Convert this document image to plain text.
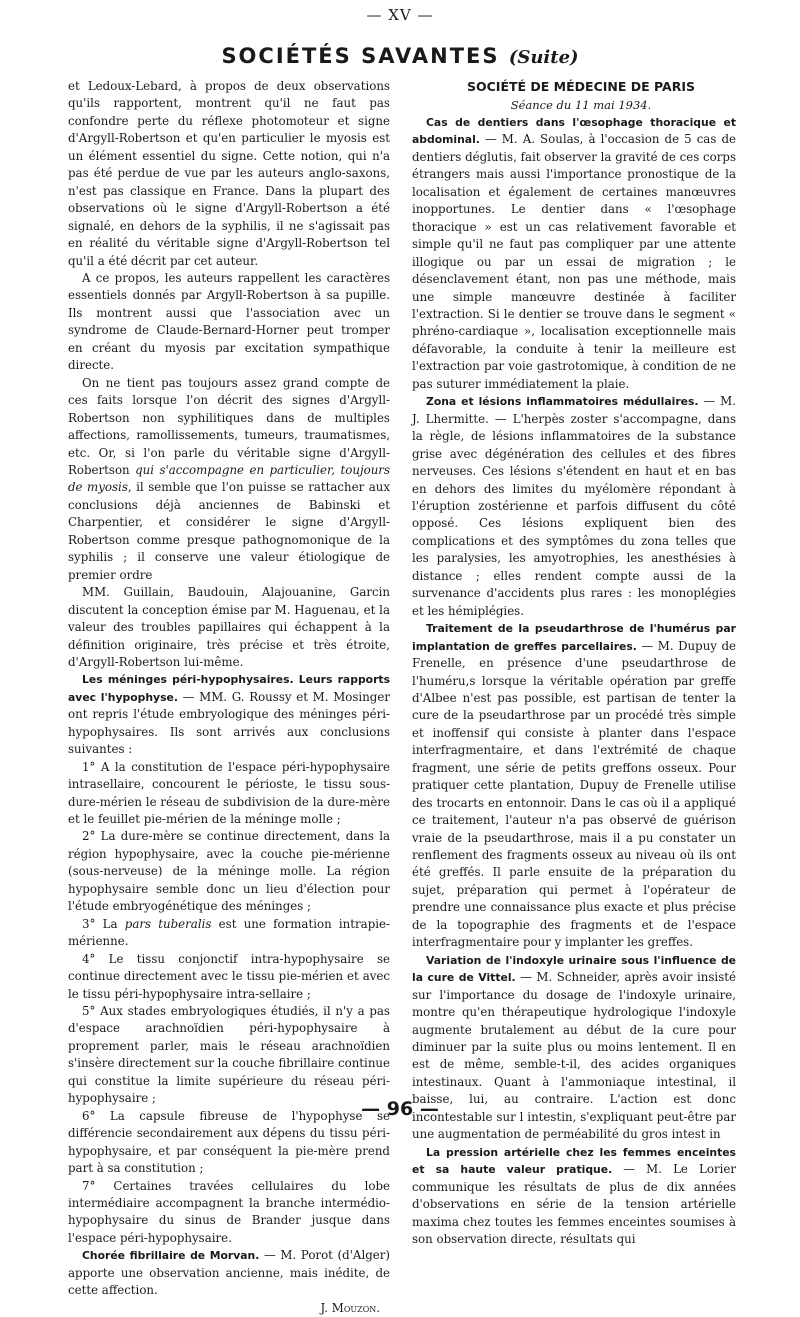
— XV —
SOCIÉTÉS SAVANTES (Suite)

et Ledoux-Lebard, à propos de deux observations qu'ils rapportent, montrent qu'il ne faut pas confondre perte du réflexe photomoteur et signe d'Argyll-Robertson et qu'en particulier le myosis est un élément essentiel du signe. Cette notion, qui n'a pas été perdue de vue par les auteurs anglo-saxons, n'est pas classique en France. Dans la plupart des observations où le signe d'Argyll-Robertson a été signalé, en dehors de la syphilis, il ne s'agissait pas en réalité du véritable signe d'Argyll-Robertson tel qu'il a été décrit par cet auteur.

A ce propos, les auteurs rappellent les caractères essentiels donnés par Argyll-Robertson à sa pupille. Ils montrent aussi que l'association avec un syndrome de Claude-Bernard-Horner peut tromper en créant du myosis par excitation sympathique directe.

On ne tient pas toujours assez grand compte de ces faits lorsque l'on décrit des signes d'Argyll-Robertson non syphilitiques dans de multiples affections, ramollissements, tumeurs, traumatismes, etc. Or, si l'on parle du véritable signe d'Argyll-Robertson qui s'accompagne en particulier, toujours de myosis, il semble que l'on puisse se rattacher aux conclusions déjà anciennes de Babinski et Charpentier, et considérer le signe d'Argyll-Robertson comme presque pathognomonique de la syphilis ; il conserve une valeur étiologique de premier ordre

MM. Guillain, Baudouin, Alajouanine, Garcin discutent la conception émise par M. Haguenau, et la valeur des troubles papillaires qui échappent à la définition originaire, très précise et très étroite, d'Argyll-Robertson lui-même.

Les méninges péri-hypophysaires. Leurs rapports avec l'hypophyse. — MM. G. Roussy et M. Mosinger ont repris l'étude embryologique des méninges péri-hypophysaires. Ils sont arrivés aux conclusions suivantes :

1° A la constitution de l'espace péri-hypophysaire intrasellaire, concourent le périoste, le tissu sous-dure-mérien le réseau de subdivision de la dure-mère et le feuillet pie-mérien de la méninge molle ;

2° La dure-mère se continue directement, dans la région hypophysaire, avec la couche pie-mérienne (sous-nerveuse) de la méninge molle. La région hypophysaire semble donc un lieu d'élection pour l'étude embryogénétique des méninges ;

3° La pars tuberalis est une formation intrapie-mérienne.

4° Le tissu conjonctif intra-hypophysaire se continue directement avec le tissu pie-mérien et avec le tissu péri-hypophysaire intra-sellaire ;

5° Aux stades embryologiques étudiés, il n'y a pas d'espace arachnoïdien péri-hypophysaire à proprement parler, mais le réseau arachnoïdien s'insère directement sur la couche fibrillaire continue qui constitue la limite supérieure du réseau péri-hypophysaire ;

6° La capsule fibreuse de l'hypophyse se différencie secondairement aux dépens du tissu péri-hypophysaire, et par conséquent la pie-mère prend part à sa constitution ;

7° Certaines travées cellulaires du lobe intermédiaire accompagnent la branche intermédio-hypophysaire du sinus de Brander jusque dans l'espace péri-hypophysaire.

Chorée fibrillaire de Morvan. — M. Porot (d'Alger) apporte une observation ancienne, mais inédite, de cette affection.

J. Mouzon.

SOCIÉTÉ DE MÉDECINE DE PARIS

Séance du 11 mai 1934.

Cas de dentiers dans l'œsophage thoracique et abdominal. — M. A. Soulas, à l'occasion de 5 cas de dentiers déglutis, fait observer la gravité de ces corps étrangers mais aussi l'importance pronostique de la localisation et également de certaines manœuvres inopportunes. Le dentier dans « l'œsophage thoracique » est un cas relativement favorable et simple qu'il ne faut pas compliquer par une attente illogique ou par un essai de migration ; le désenclavement étant, non pas une méthode, mais une simple manœuvre destinée à faciliter l'extraction. Si le dentier se trouve dans le segment « phréno-cardiaque », localisation exceptionnelle mais défavorable, la conduite à tenir la meilleure est l'extraction par voie gastrotomique, à condition de ne pas suturer immédiatement la plaie.

Zona et lésions inflammatoires médullaires. — M. J. Lhermitte. — L'herpès zoster s'accompagne, dans la règle, de lésions inflammatoires de la substance grise avec dégénération des cellules et des fibres nerveuses. Ces lésions s'étendent en haut et en bas en dehors des limites du myélomère répondant à l'éruption zostérienne et parfois diffusent du côté opposé. Ces lésions expliquent bien des complications et des symptômes du zona telles que les paralysies, les amyotrophies, les anesthésies à distance ; elles rendent compte aussi de la survenance d'accidents plus rares : les monoplégies et les hémiplégies.

Traitement de la pseudarthrose de l'humérus par implantation de greffes parcellaires. — M. Dupuy de Frenelle, en présence d'une pseudarthrose de l'huméru,s lorsque la véritable opération par greffe d'Albee n'est pas possible, est partisan de tenter la cure de la pseudarthrose par un procédé très simple et inoffensif qui consiste à planter dans l'espace interfragmentaire, et dans l'extrémité de chaque fragment, une série de petits greffons osseux. Pour pratiquer cette plantation, Dupuy de Frenelle utilise des trocarts en entonnoir. Dans le cas où il a appliqué ce traitement, l'auteur n'a pas observé de guérison vraie de la pseudarthrose, mais il a pu constater un renflement des fragments osseux au niveau où ils ont été greffés. Il parle ensuite de la préparation du sujet, préparation qui permet à l'opérateur de prendre une connaissance plus exacte et plus précise de la topographie des fragments et de l'espace interfragmentaire pour y implanter les greffes.

Variation de l'indoxyle urinaire sous l'influence de la cure de Vittel. — M. Schneider, après avoir insisté sur l'importance du dosage de l'indoxyle urinaire, montre qu'en thérapeutique hydrologique l'indoxyle augmente brutalement au début de la cure pour diminuer par la suite plus ou moins lentement. Il en est de même, semble-t-il, des acides organiques intestinaux. Quant à l'ammoniaque intestinal, il baisse, lui, au contraire. L'action est donc incontestable sur l intestin, s'expliquant peut-être par une augmentation de perméabilité du gros intest in

La pression artérielle chez les femmes enceintes et sa haute valeur pratique. — M. Le Lorier communique les résultats de plus de dix années d'observations en série de la tension artérielle maxima chez toutes les femmes enceintes soumises à son observation directe, résultats qui

— 96 —
